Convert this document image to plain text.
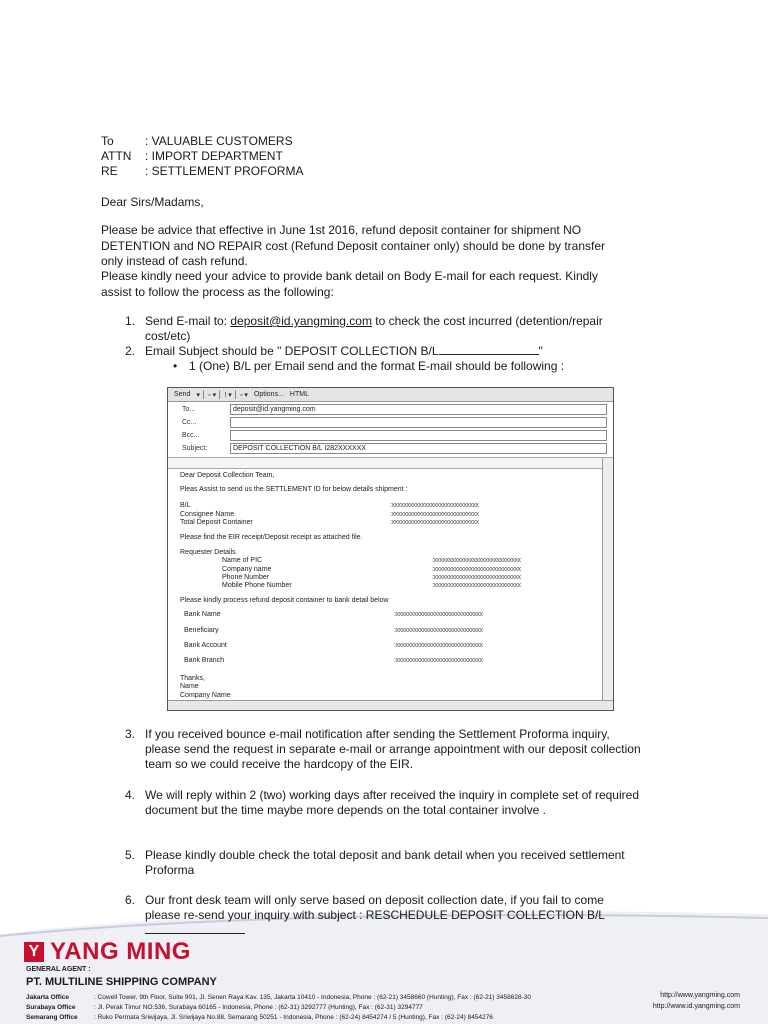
To	: VALUABLE CUSTOMERS
ATTN	: IMPORT DEPARTMENT
RE	: SETTLEMENT PROFORMA
Dear Sirs/Madams,
Please be advice that effective in June 1st 2016, refund deposit container for shipment NO DETENTION and NO REPAIR cost (Refund Deposit container only) should be done by transfer only instead of cash refund.
Please kindly need your advice to provide bank detail on Body E-mail for each request. Kindly assist to follow the process as the following:
1. Send E-mail to: deposit@id.yangming.com to check the cost incurred (detention/repair cost/etc)
2. Email Subject should be " DEPOSIT COLLECTION B/L	"
• 1 (One) B/L per Email send and the format E-mail should be following :
Send ▾ │ ▫ ▾ │ ! ▾ │ ▫ ▾ Options... HTML
To...	deposit@id.yangming.com
Cc...
Bcc...
Subject:	DEPOSIT COLLECTION B/L I282XXXXXX

Dear Deposit Collection Team,

Pleas Assist to send us the SETTLEMENT ID for below details shipment :

B/L	:xxxxxxxxxxxxxxxxxxxxxxxxxxxxx
Consignee Name	:xxxxxxxxxxxxxxxxxxxxxxxxxxxxx
Total Deposit Container	:xxxxxxxxxxxxxxxxxxxxxxxxxxxxx

Please find the EIR receipt/Deposit receipt as attached file.

Requester Details

Name of PIC	:xxxxxxxxxxxxxxxxxxxxxxxxxxxxx
Company name	:xxxxxxxxxxxxxxxxxxxxxxxxxxxxx
Phone Number	:xxxxxxxxxxxxxxxxxxxxxxxxxxxxx
Mobile Phone Number	:xxxxxxxxxxxxxxxxxxxxxxxxxxxxx

Please kindly process refund deposit container to bank detail below

Bank Name	:xxxxxxxxxxxxxxxxxxxxxxxxxxxxx
Beneficiary	:xxxxxxxxxxxxxxxxxxxxxxxxxxxxx
Bank Account	:xxxxxxxxxxxxxxxxxxxxxxxxxxxxx
Bank Branch	:xxxxxxxxxxxxxxxxxxxxxxxxxxxxx

Thanks,

Name

Company Name

3. If you received bounce e-mail notification after sending the Settlement Proforma inquiry, please send the request in separate e-mail or arrange appointment with our deposit collection team so we could receive the hardcopy of the EIR.
4. We will reply within 2 (two) working days after received the inquiry in complete set of required document but the time maybe more depends on the total container involve .
5. Please kindly double check the total deposit and bank detail when you received settlement Proforma
6. Our front desk team will only serve based on deposit collection date, if you fail to come please re-send your inquiry with subject : RESCHEDULE DEPOSIT COLLECTION B/L
Y YANG MING
GENERAL AGENT :
PT. MULTILINE SHIPPING COMPANY
Jakarta Office	: Cowell Tower, 9th Floor, Suite 901, Jl. Senen Raya Kav. 135, Jakarta 10410 - Indonesia, Phone : (62-21) 3458660 (Hunting), Fax : (62-21) 3458628-30
Surabaya Office	: Jl. Perak Timur NO.536, Surabaya 60165 - Indonesia, Phone : (62-31) 3292777 (Hunting), Fax : (62-31) 3294777
Semarang Office	: Ruko Permata Sriwijaya, Jl. Sriwijaya No.88, Semarang 50251 - Indonesia, Phone : (62-24) 8454274 / 5 (Hunting), Fax : (62-24) 8454276
http://www.yangming.com
http://www.id.yangming.com
